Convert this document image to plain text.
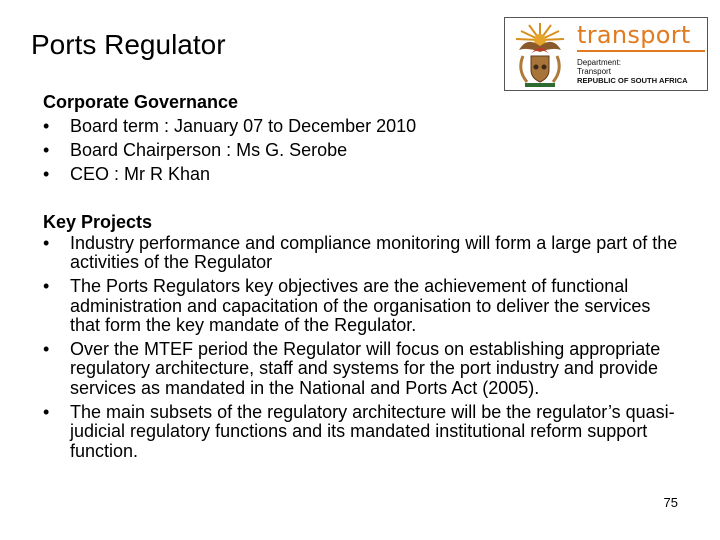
Ports Regulator	transport
Department:
Transport
REPUBLIC OF SOUTH AFRICA
Corporate Governance
• Board term : January 07 to December 2010
• Board Chairperson : Ms G. Serobe
• CEO : Mr R Khan
Key Projects
• Industry performance and compliance monitoring will form a large part of the activities of the Regulator
• The Ports Regulators key objectives are the achievement of functional administration and capacitation of the organisation to deliver the services that form the key mandate of the Regulator.
• Over the MTEF period the Regulator will focus on establishing appropriate regulatory architecture, staff and systems for the port industry and provide services as mandated in the National and Ports Act (2005).
• The main subsets of the regulatory architecture will be the regulator’s quasi-judicial regulatory functions and its mandated institutional reform support function.
75
